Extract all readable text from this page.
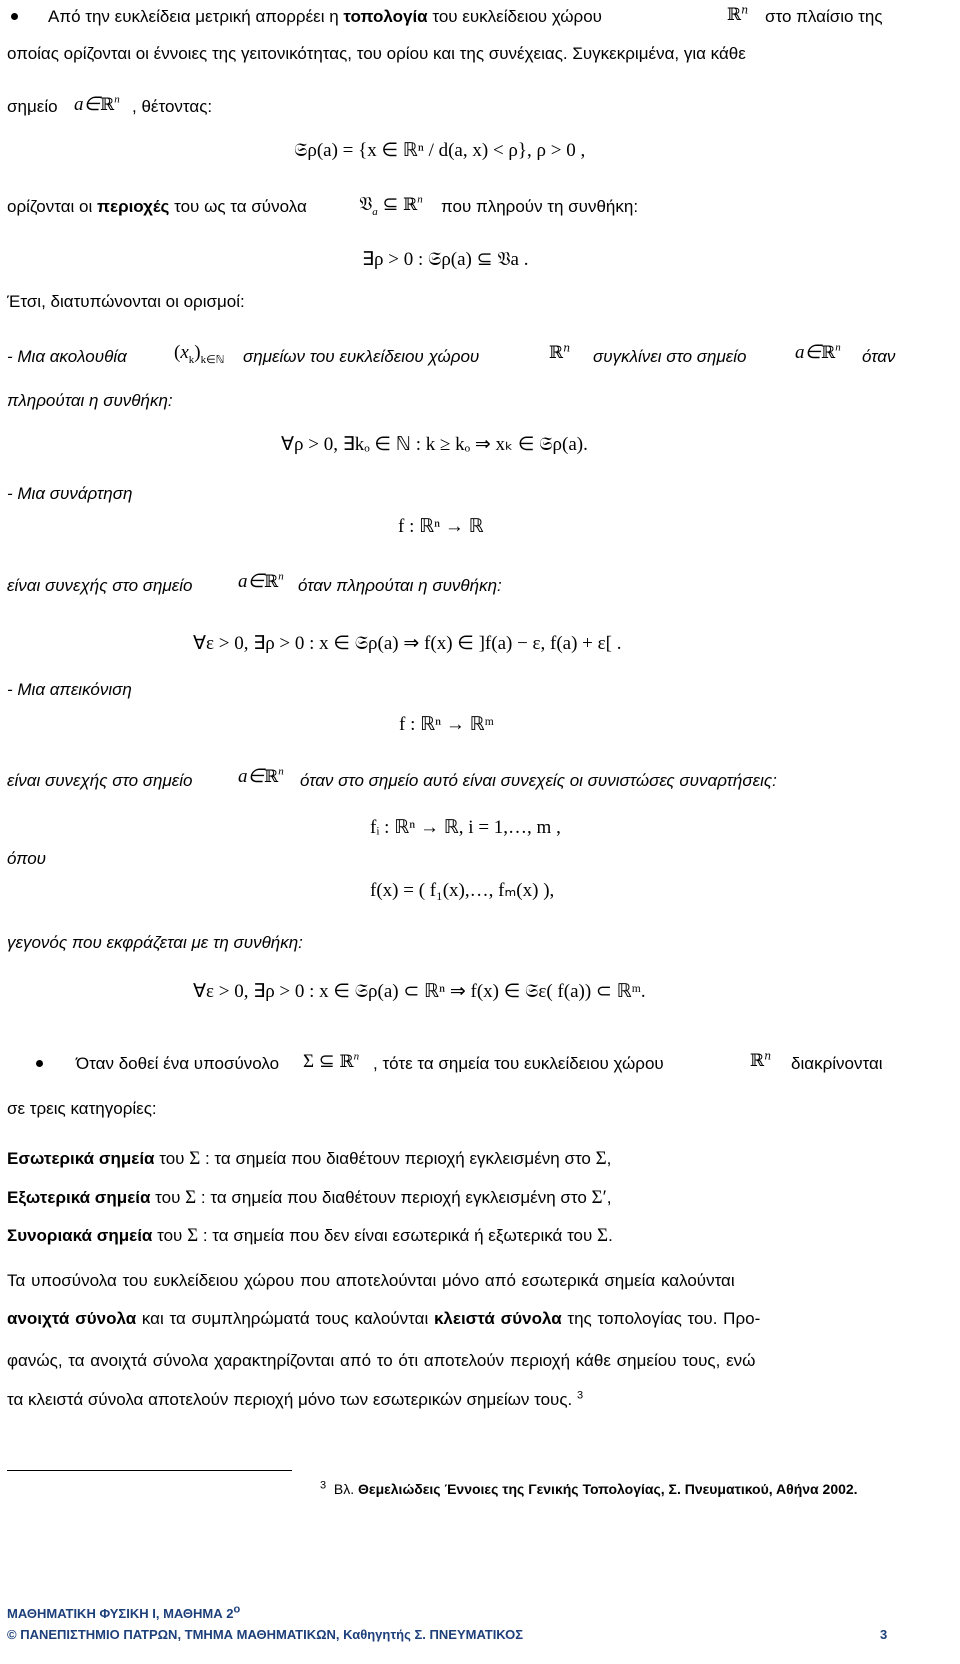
Από την ευκλείδεια μετρική απορρέει η τοπολογία του ευκλείδειου χώρου	ℝ$^n$ στο πλαίσιο της
οποίας ορίζονται οι έννοιες της γειτονικότητας, του ορίου και της συνέχειας. Συγκεκριμένα, για κάθε
σημείο a∈ℝ$^n$ , θέτοντας:
𝔖ρ(a) = {x ∈ ℝⁿ / d(a, x) < ρ}, ρ > 0 ,
ορίζονται οι περιοχές του ως τα σύνολα	𝔙$_a$ ⊆ ℝ$^n$ που πληρούν τη συνθήκη:
∃ρ > 0 : 𝔖ρ(a) ⊆ 𝔙a .
Έτσι, διατυπώνονται οι ορισμοί:
- Μια ακολουθία $(x_k)_{k\in ℕ}$ σημείων του ευκλείδειου χώρου	ℝ$^n$ συγκλίνει στο σημείο	a∈ℝ$^n$ όταν
πληρούται η συνθήκη:
∀ρ > 0, ∃kₒ ∈ ℕ : k ≥ kₒ ⇒ xₖ ∈ 𝔖ρ(a).
- Μια συνάρτηση
f : ℝⁿ → ℝ
είναι συνεχής στο σημείο a∈ℝ$^n$ όταν πληρούται η συνθήκη:
∀ε > 0, ∃ρ > 0 : x ∈ 𝔖ρ(a) ⇒ f(x) ∈ ]f(a) − ε, f(a) + ε[ .
- Μια απεικόνιση
f : ℝⁿ → ℝᵐ
είναι συνεχής στο σημείο a∈ℝ$^n$ όταν στο σημείο αυτό είναι συνεχείς οι συνιστώσες συναρτήσεις:
fᵢ : ℝⁿ → ℝ, i = 1,…, m ,
όπου
f(x) = ( f₁(x),…, fₘ(x) ),
γεγονός που εκφράζεται με τη συνθήκη:
∀ε > 0, ∃ρ > 0 : x ∈ 𝔖ρ(a) ⊂ ℝⁿ ⇒ f(x) ∈ 𝔖ε( f(a)) ⊂ ℝᵐ.
Όταν δοθεί ένα υποσύνολο Σ ⊆ ℝ$^n$ , τότε τα σημεία του ευκλείδειου χώρου	ℝ$^n$ διακρίνονται
σε τρεις κατηγορίες:
Εσωτερικά σημεία του Σ : τα σημεία που διαθέτουν περιοχή εγκλεισμένη στο Σ,
Εξωτερικά σημεία του Σ : τα σημεία που διαθέτουν περιοχή εγκλεισμένη στο Σ′,
Συνοριακά σημεία του Σ : τα σημεία που δεν είναι εσωτερικά ή εξωτερικά του Σ.
Τα υποσύνολα του ευκλείδειου χώρου που αποτελούνται μόνο από εσωτερικά σημεία καλούνται
ανοιχτά σύνολα και τα συμπληρώματά τους καλούνται κλειστά σύνολα της τοπολογίας του. Προ-
φανώς, τα ανοιχτά σύνολα χαρακτηρίζονται από το ότι αποτελούν περιοχή κάθε σημείου τους, ενώ
τα κλειστά σύνολα αποτελούν περιοχή μόνο των εσωτερικών σημείων τους. $^3$
$^3$ Βλ. Θεμελιώδεις Έννοιες της Γενικής Τοπολογίας, Σ. Πνευματικού, Αθήνα 2002.
ΜΑΘΗΜΑΤΙΚΗ ΦΥΣΙΚΗ Ι, ΜΑΘΗΜΑ $2^o$
© ΠΑΝΕΠΙΣΤΗΜΙΟ ΠΑΤΡΩΝ, ΤΜΗΜΑ ΜΑΘΗΜΑΤΙΚΩΝ, Καθηγητής Σ. ΠΝΕΥΜΑΤΙΚΟΣ	3
